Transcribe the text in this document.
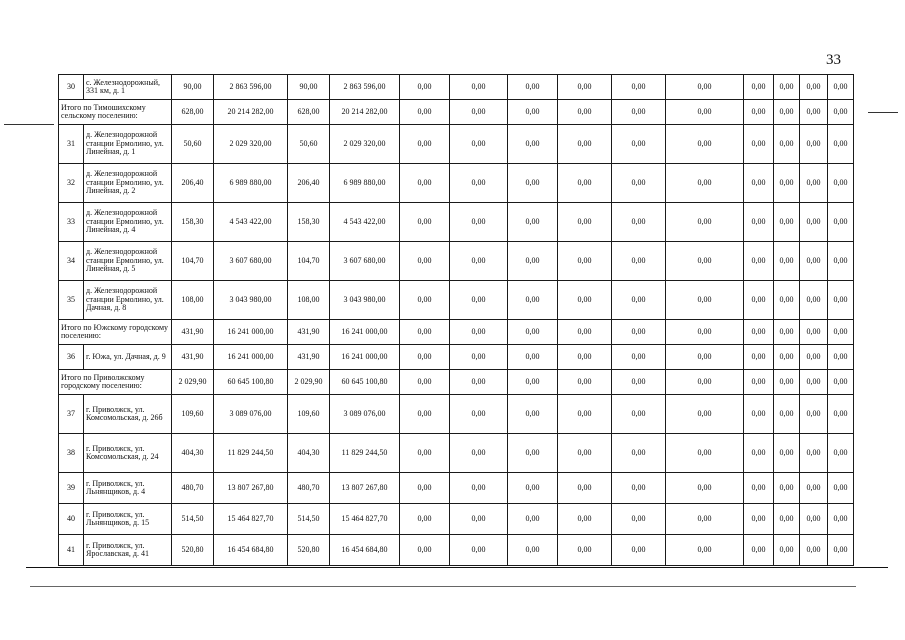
33
30	с. Железнодорожный, 331 км, д. 1	90,00	2 863 596,00	90,00	2 863 596,00	0,00	0,00	0,00	0,00	0,00	0,00	0,00	0,00	0,00	0,00
Итого по Тимошихскому сельскому поселению:		628,00	20 214 282,00	628,00	20 214 282,00	0,00	0,00	0,00	0,00	0,00	0,00	0,00	0,00	0,00	0,00
31	д. Железнодорожной станции Ермолино, ул. Линейная, д. 1	50,60	2 029 320,00	50,60	2 029 320,00	0,00	0,00	0,00	0,00	0,00	0,00	0,00	0,00	0,00	0,00
32	д. Железнодорожной станции Ермолино, ул. Линейная, д. 2	206,40	6 989 880,00	206,40	6 989 880,00	0,00	0,00	0,00	0,00	0,00	0,00	0,00	0,00	0,00	0,00
33	д. Железнодорожной станции Ермолино, ул. Линейная, д. 4	158,30	4 543 422,00	158,30	4 543 422,00	0,00	0,00	0,00	0,00	0,00	0,00	0,00	0,00	0,00	0,00
34	д. Железнодорожной станции Ермолино, ул. Линейная, д. 5	104,70	3 607 680,00	104,70	3 607 680,00	0,00	0,00	0,00	0,00	0,00	0,00	0,00	0,00	0,00	0,00
35	д. Железнодорожной станции Ермолино, ул. Дачная, д. 8	108,00	3 043 980,00	108,00	3 043 980,00	0,00	0,00	0,00	0,00	0,00	0,00	0,00	0,00	0,00	0,00
Итого по Южскому городскому поселению:		431,90	16 241 000,00	431,90	16 241 000,00	0,00	0,00	0,00	0,00	0,00	0,00	0,00	0,00	0,00	0,00
36	г. Южа, ул. Дачная, д. 9	431,90	16 241 000,00	431,90	16 241 000,00	0,00	0,00	0,00	0,00	0,00	0,00	0,00	0,00	0,00	0,00
Итого по Приволжскому городскому поселению:		2 029,90	60 645 100,80	2 029,90	60 645 100,80	0,00	0,00	0,00	0,00	0,00	0,00	0,00	0,00	0,00	0,00
37	г. Приволжск, ул. Комсомольская, д. 26б	109,60	3 089 076,00	109,60	3 089 076,00	0,00	0,00	0,00	0,00	0,00	0,00	0,00	0,00	0,00	0,00
38	г. Приволжск, ул. Комсомольская, д. 24	404,30	11 829 244,50	404,30	11 829 244,50	0,00	0,00	0,00	0,00	0,00	0,00	0,00	0,00	0,00	0,00
39	г. Приволжск, ул. Льнянщиков, д. 4	480,70	13 807 267,80	480,70	13 807 267,80	0,00	0,00	0,00	0,00	0,00	0,00	0,00	0,00	0,00	0,00
40	г. Приволжск, ул. Льнянщиков, д. 15	514,50	15 464 827,70	514,50	15 464 827,70	0,00	0,00	0,00	0,00	0,00	0,00	0,00	0,00	0,00	0,00
41	г. Приволжск, ул. Ярославская, д. 41	520,80	16 454 684,80	520,80	16 454 684,80	0,00	0,00	0,00	0,00	0,00	0,00	0,00	0,00	0,00	0,00
